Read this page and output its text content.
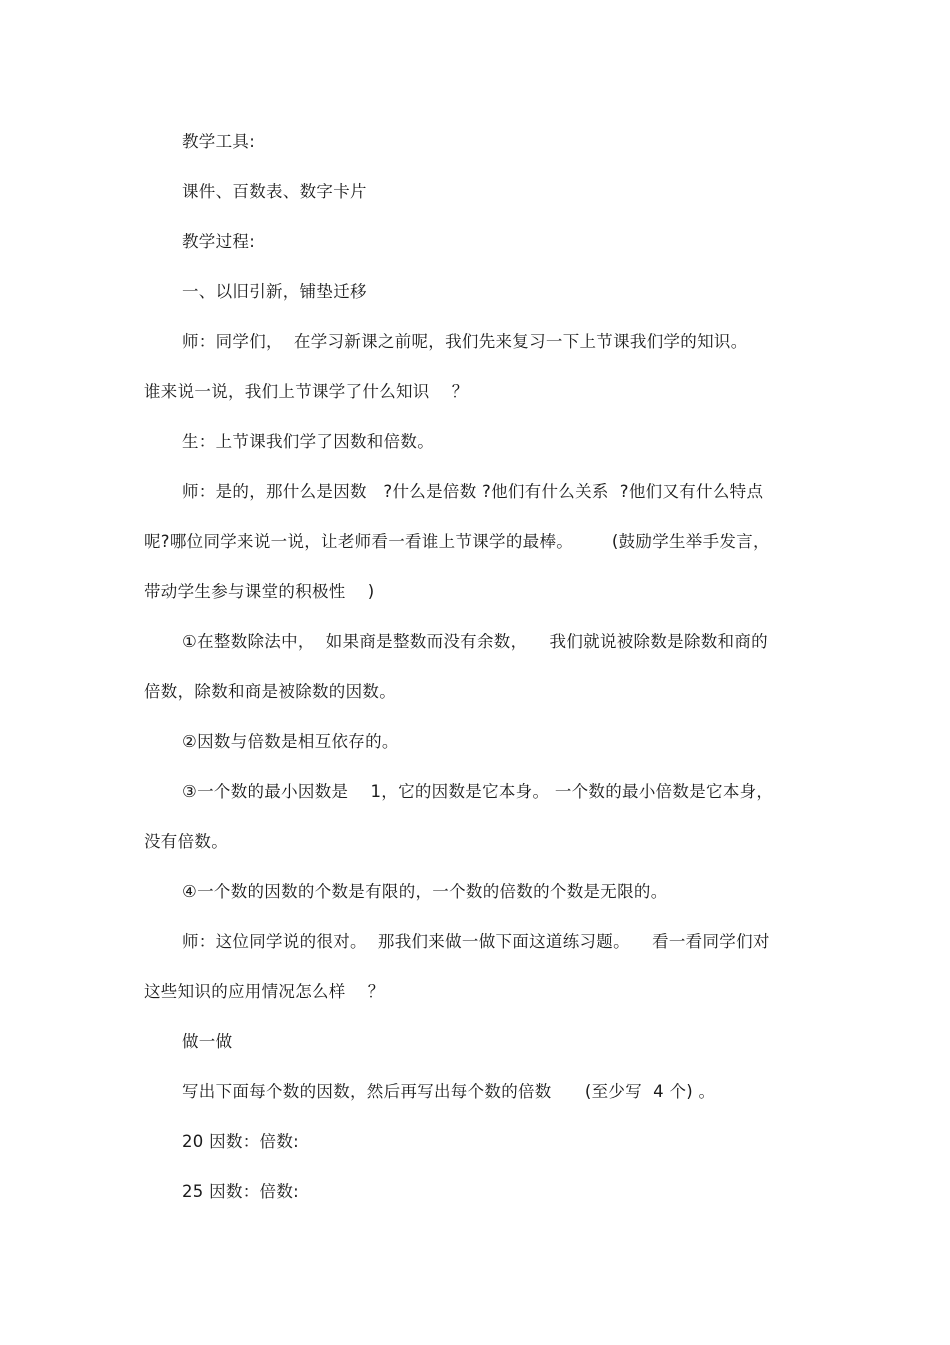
教学工具:
课件、百数表、数字卡片
教学过程:
一、以旧引新，铺垫迁移
师：同学们，  在学习新课之前呢，我们先来复习一下上节课我们学的知识。
谁来说一说，我们上节课学了什么知识    ？
生：上节课我们学了因数和倍数。
师：是的，那什么是因数   ?什么是倍数 ?他们有什么关系  ?他们又有什么特点
呢?哪位同学来说一说，让老师看一看谁上节课学的最棒。       (鼓励学生举手发言，
带动学生参与课堂的积极性    )
①在整数除法中，  如果商是整数而没有余数，    我们就说被除数是除数和商的
倍数，除数和商是被除数的因数。
②因数与倍数是相互依存的。
③一个数的最小因数是    1，它的因数是它本身。 一个数的最小倍数是它本身，
没有倍数。
④一个数的因数的个数是有限的，一个数的倍数的个数是无限的。
师：这位同学说的很对。  那我们来做一做下面这道练习题。    看一看同学们对
这些知识的应用情况怎么样    ？
做一做
写出下面每个数的因数，然后再写出每个数的倍数      (至少写  4 个) 。
20 因数：倍数:
25 因数：倍数:
